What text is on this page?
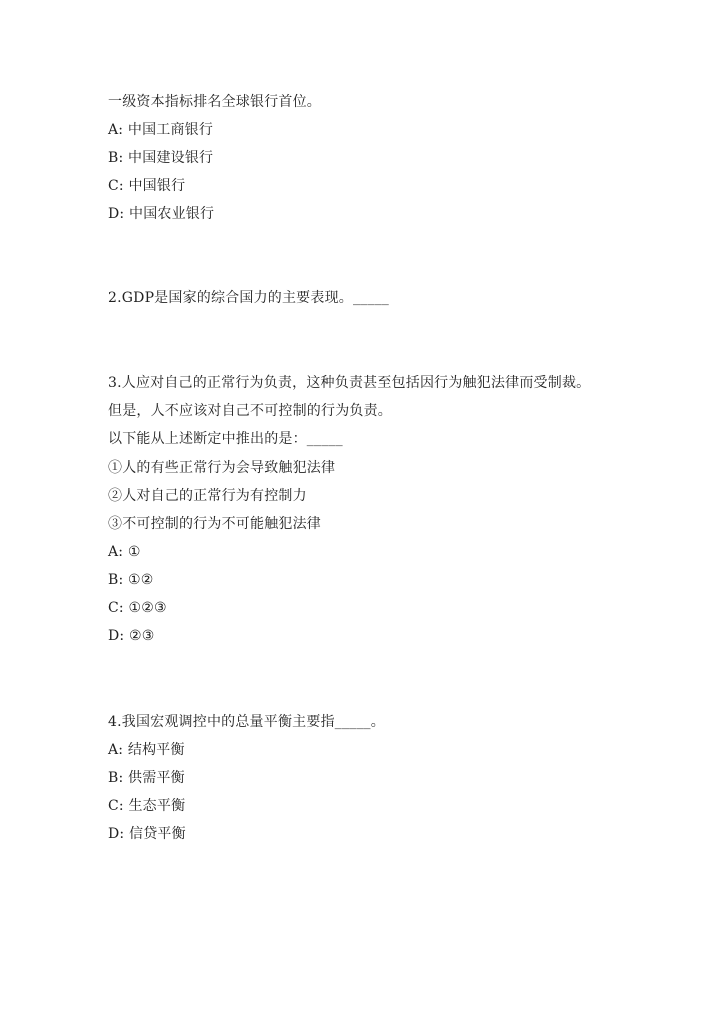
一级资本指标排名全球银行首位。
A: 中国工商银行
B: 中国建设银行
C: 中国银行
D: 中国农业银行
2.GDP是国家的综合国力的主要表现。_____
3.人应对自己的正常行为负责，这种负责甚至包括因行为触犯法律而受制裁。
但是，人不应该对自己不可控制的行为负责。
以下能从上述断定中推出的是：_____
①人的有些正常行为会导致触犯法律
②人对自己的正常行为有控制力
③不可控制的行为不可能触犯法律
A: ①
B: ①②
C: ①②③
D: ②③
4.我国宏观调控中的总量平衡主要指_____。
A: 结构平衡
B: 供需平衡
C: 生态平衡
D: 信贷平衡
